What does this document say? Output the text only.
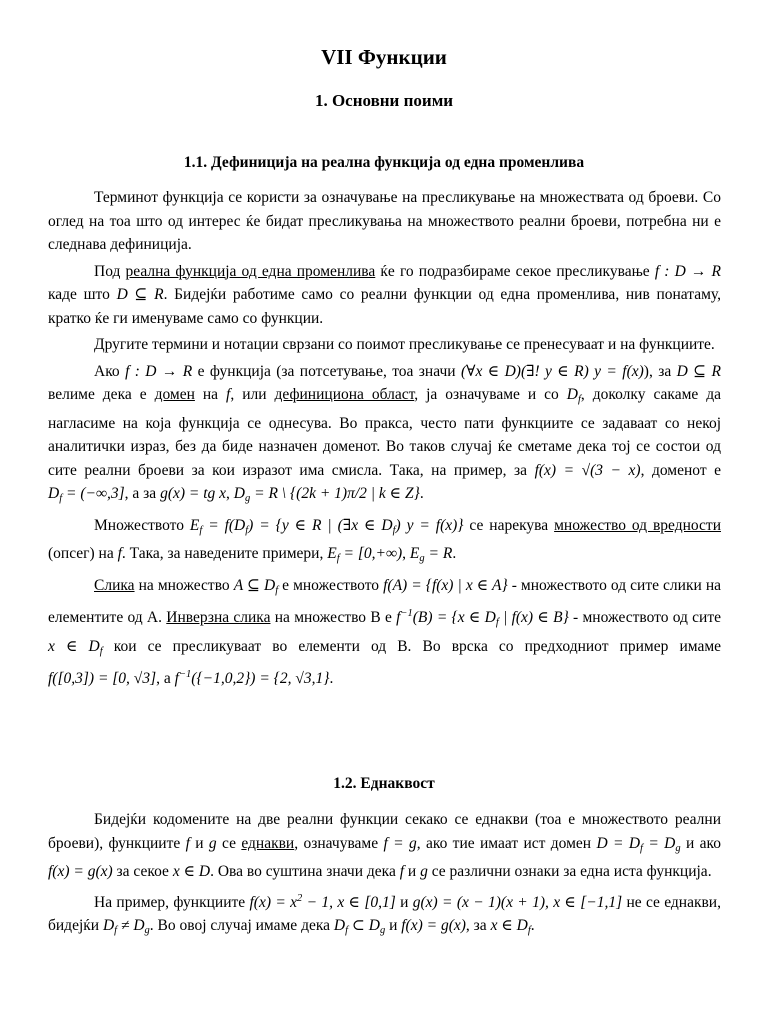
VII Функции
1. Основни поими
1.1. Дефиниција на реална функција од една променлива

Терминот функција се користи за означување на пресликување на множествата од броеви. Со оглед на тоа што од интерес ќе бидат пресликувања на множеството реални броеви, потребна ни е следнава дефиниција.

Под реална функција од една променлива ќе го подразбираме секое пресликување f : D → R каде што D ⊆ R. Бидејќи работиме само со реални функции од една променлива, нив понатаму, кратко ќе ги именуваме само со функции.

Другите термини и нотации сврзани со поимот пресликување се пренесуваат и на функциите.

Ако f : D → R е функција (за потсетување, тоа значи (∀x ∈ D)(∃! y ∈ R) y = f(x)), за D ⊆ R велиме дека е домен на f, или дефинициона област, ја означуваме и со $D_f$, доколку сакаме да нагласиме на која функција се однесува. Во пракса, често пати функциите се задаваат со некој аналитички израз, без да биде назначен доменот. Во таков случај ќе сметаме дека тој се состои од сите реални броеви за кои изразот има смисла. Така, на пример, за f(x) = √(3 − x), доменот е $D_f = (-\infty,3]$, а за g(x) = tg x, $D_g = R$ \ {(2k + 1)π/2 | k ∈ Z}.

Множеството $E_f = f(D_f) = \{y$ ∈ R | (∃x ∈ $D_f$) y = f(x)} се нарекува множество од вредности (опсег) на f. Така, за наведените примери, $E_f = [0,+\infty)$, $E_g = R$.

Слика на множество A ⊆ $D_f$ е множеството f(A) = {f(x) | x ∈ A} - множеството од сите слики на елементите од А. Инверзна слика на множество В е $f^{-1}(B) = \{x$ ∈ $D_f$ | f(x) ∈ B} - множеството од сите x ∈ $D_f$ кои се пресликуваат во елементи од В. Во врска со предходниот пример имаме f([0,3]) = [0, √3], а $f^{-1}(\{-1,0,2\}) = \{2$, √3,1}.

1.2. Еднаквост

Бидејќи кодомените на две реални функции секако се еднакви (тоа е множеството реални броеви), функциите f и g се еднакви, означуваме f = g, ако тие имаат ист домен $D = D_f = D_g$ и ако f(x) = g(x) за секое x ∈ D. Ова во суштина значи дека f и g се различни ознаки за една иста функција.

На пример, функциите $f(x) = x^2 - 1$, x ∈ [0,1] и g(x) = (x − 1)(x + 1), x ∈ [−1,1] не се еднакви, бидејќи $D_f \ne D_g$. Во овој случај имаме дека $D_f$ ⊂ $D_g$ и f(x) = g(x), за x ∈ $D_f$.
